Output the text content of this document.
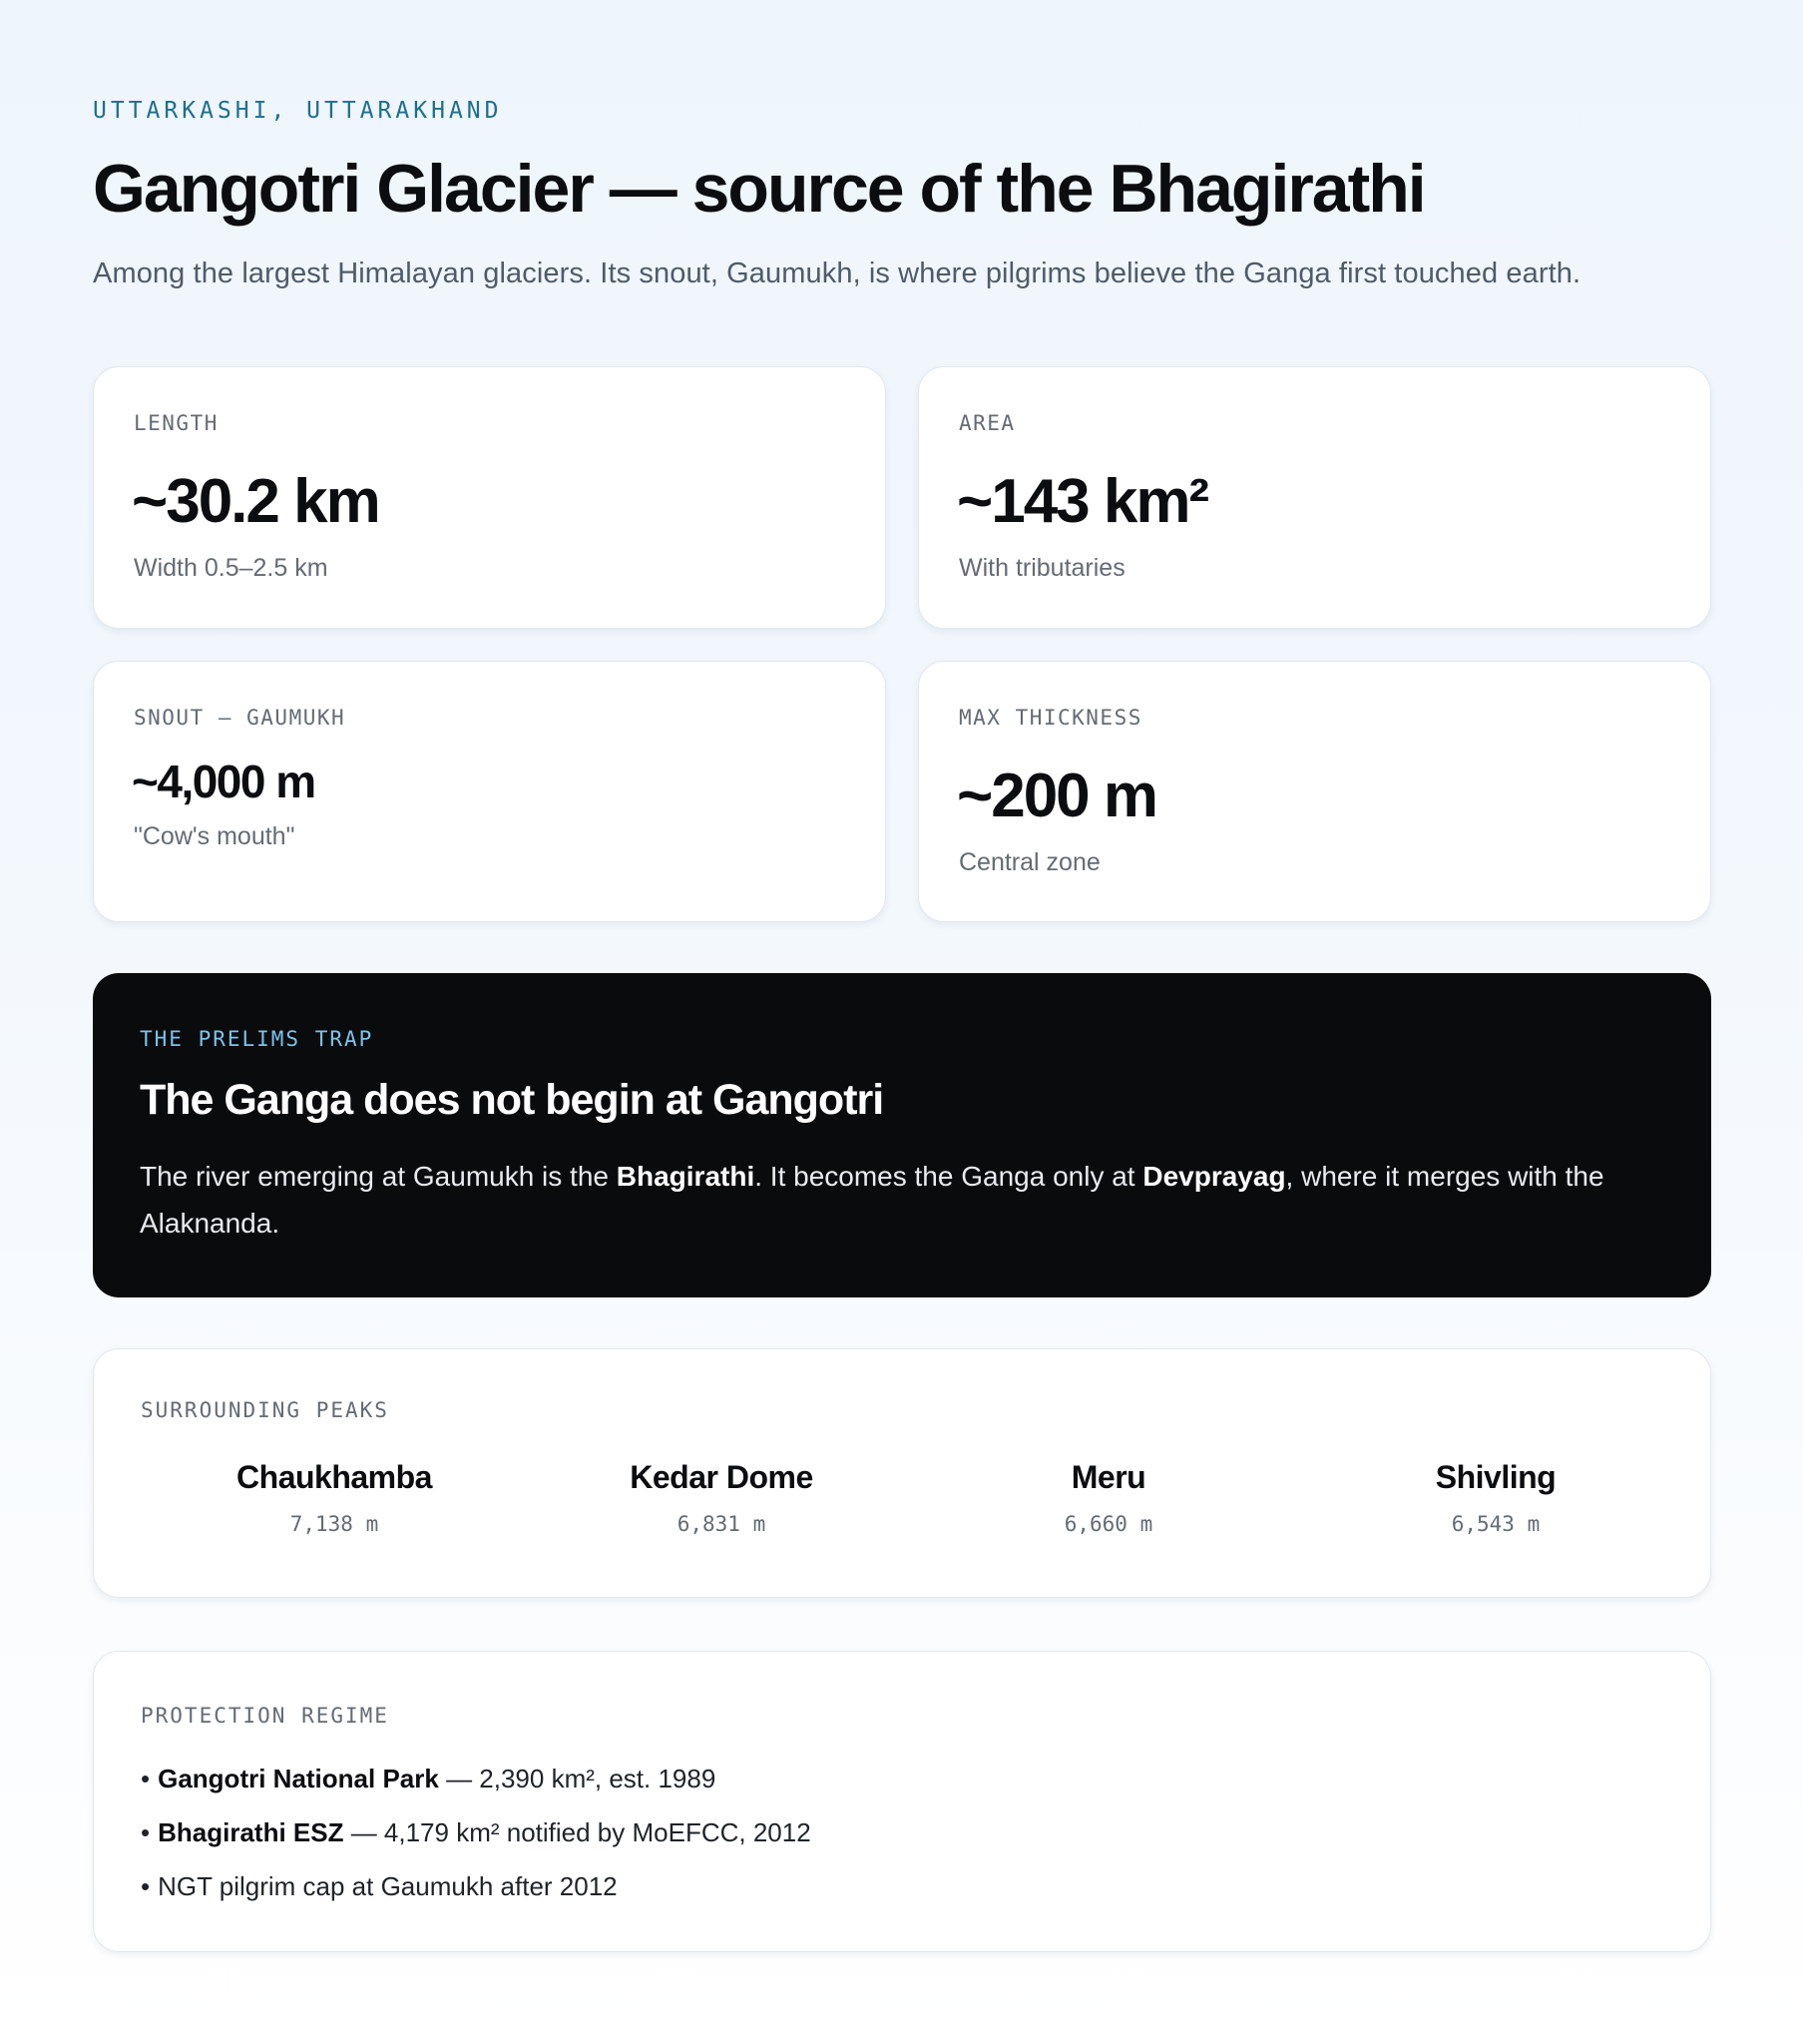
UTTARKASHI, UTTARAKHAND
Gangotri Glacier — source of the Bhagirathi

Among the largest Himalayan glaciers. Its snout, Gaumukh, is where pilgrims believe the Ganga first touched earth.

LENGTH
~30.2 km
Width 0.5–2.5 km
AREA
~143 km²
With tributaries
SNOUT — GAUMUKH
~4,000 m
"Cow's mouth"
MAX THICKNESS
~200 m
Central zone
THE PRELIMS TRAP
The Ganga does not begin at Gangotri

The river emerging at Gaumukh is the Bhagirathi. It becomes the Ganga only at Devprayag, where it merges with the Alaknanda.

SURROUNDING PEAKS
Chaukhamba
7,138 m
Kedar Dome
6,831 m
Meru
6,660 m
Shivling
6,543 m
PROTECTION REGIME
• Gangotri National Park — 2,390 km², est. 1989
• Bhagirathi ESZ — 4,179 km² notified by MoEFCC, 2012
• NGT pilgrim cap at Gaumukh after 2012
